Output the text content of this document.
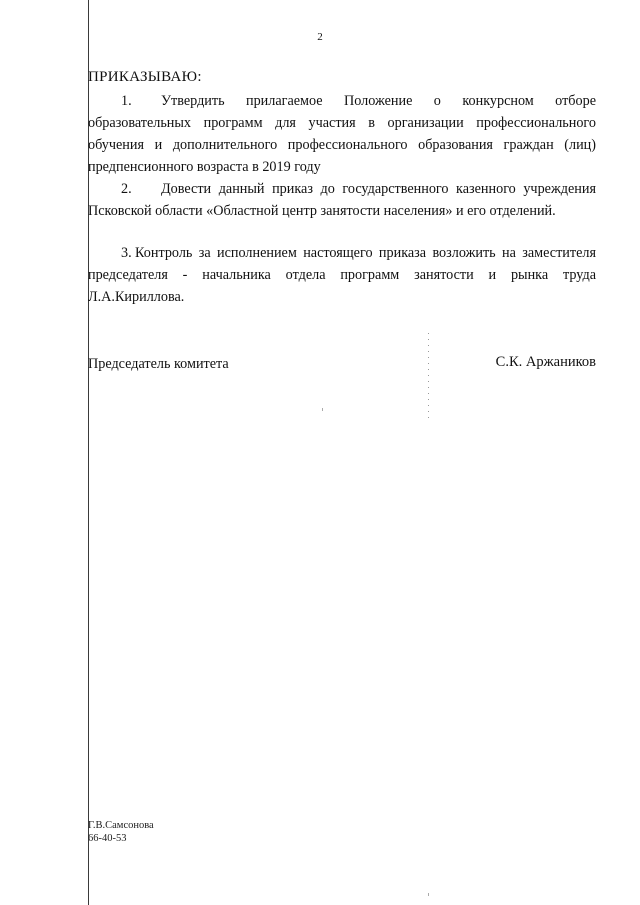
2
ПРИКАЗЫВАЮ:
1. Утвердить прилагаемое Положение о конкурсном отборе образовательных программ для участия в организации профессионального обучения и дополнительного профессионального образования граждан (лиц) предпенсионного возраста в 2019 году
2. Довести данный приказ до государственного казенного учреждения Псковской области «Областной центр занятости населения» и его отделений.
3. Контроль за исполнением настоящего приказа возложить на заместителя председателя - начальника отдела программ занятости и рынка труда Л.А.Кириллова.
Председатель комитета	С.К. Аржаников
Г.В.Самсонова
66-40-53
